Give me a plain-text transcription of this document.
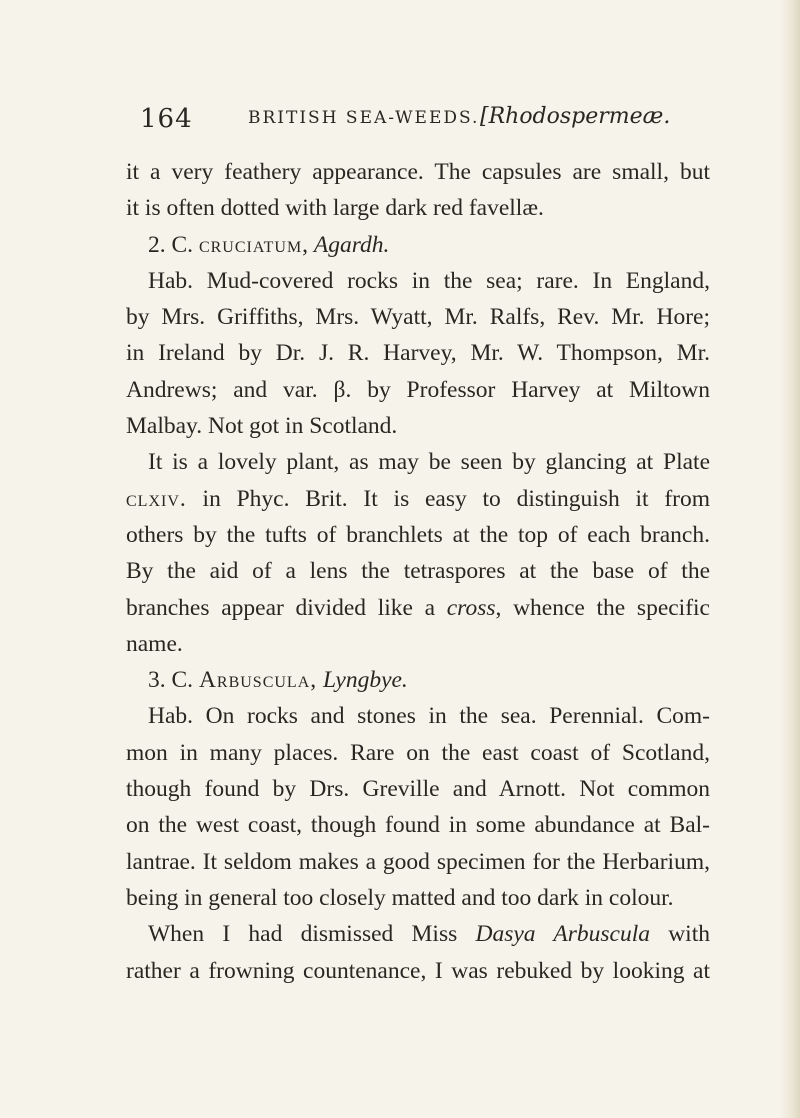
164	BRITISH SEA-WEEDS. [Rhodospermeæ.
it a very feathery appearance. The capsules are small, but
it is often dotted with large dark red favellæ.
2. C. cruciatum, Agardh.
Hab. Mud-covered rocks in the sea; rare. In England,
by Mrs. Griffiths, Mrs. Wyatt, Mr. Ralfs, Rev. Mr. Hore;
in Ireland by Dr. J. R. Harvey, Mr. W. Thompson, Mr.
Andrews; and var. β. by Professor Harvey at Miltown
Malbay. Not got in Scotland.
It is a lovely plant, as may be seen by glancing at Plate
clxiv. in Phyc. Brit. It is easy to distinguish it from
others by the tufts of branchlets at the top of each branch.
By the aid of a lens the tetraspores at the base of the
branches appear divided like a cross, whence the specific
name.
3. C. Arbuscula, Lyngbye.
Hab. On rocks and stones in the sea. Perennial. Com-
mon in many places. Rare on the east coast of Scotland,
though found by Drs. Greville and Arnott. Not common
on the west coast, though found in some abundance at Bal-
lantrae. It seldom makes a good specimen for the Herbarium,
being in general too closely matted and too dark in colour.
When I had dismissed Miss Dasya Arbuscula with
rather a frowning countenance, I was rebuked by looking at
